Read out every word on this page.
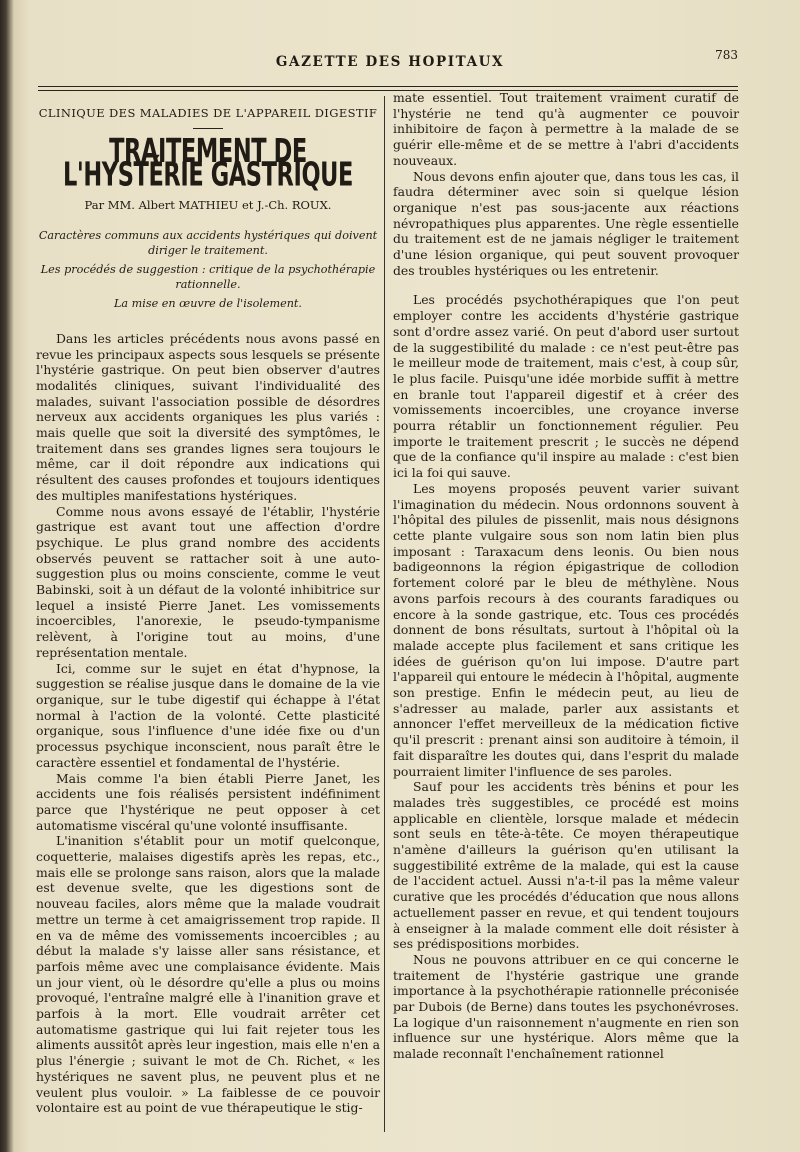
GAZETTE DES HOPITAUX	783
CLINIQUE DES MALADIES DE L'APPAREIL DIGESTIF
TRAITEMENT DE L'HYSTÉRIE GASTRIQUE
Par MM. Albert MATHIEU et J.-Ch. ROUX.
Caractères communs aux accidents hystériques qui doivent diriger le traitement.
Les procédés de suggestion : critique de la psychothérapie rationnelle.
La mise en œuvre de l'isolement.

Dans les articles précédents nous avons passé en revue les principaux aspects sous lesquels se présente l'hystérie gastrique. On peut bien observer d'autres modalités cliniques, suivant l'individualité des malades, suivant l'association possible de désordres nerveux aux accidents organiques les plus variés : mais quelle que soit la diversité des symptômes, le traitement dans ses grandes lignes sera toujours le même, car il doit répondre aux indications qui résultent des causes profondes et toujours identiques des multiples manifestations hystériques.

Comme nous avons essayé de l'établir, l'hystérie gastrique est avant tout une affection d'ordre psychique. Le plus grand nombre des accidents observés peuvent se rattacher soit à une auto-suggestion plus ou moins consciente, comme le veut Babinski, soit à un défaut de la volonté inhibitrice sur lequel a insisté Pierre Janet. Les vomissements incoercibles, l'anorexie, le pseudo-tympanisme relèvent, à l'origine tout au moins, d'une représentation mentale.

Ici, comme sur le sujet en état d'hypnose, la suggestion se réalise jusque dans le domaine de la vie organique, sur le tube digestif qui échappe à l'état normal à l'action de la volonté. Cette plasticité organique, sous l'influence d'une idée fixe ou d'un processus psychique inconscient, nous paraît être le caractère essentiel et fondamental de l'hystérie.

Mais comme l'a bien établi Pierre Janet, les accidents une fois réalisés persistent indéfiniment parce que l'hystérique ne peut opposer à cet automatisme viscéral qu'une volonté insuffisante.

L'inanition s'établit pour un motif quelconque, coquetterie, malaises digestifs après les repas, etc., mais elle se prolonge sans raison, alors que la malade est devenue svelte, que les digestions sont de nouveau faciles, alors même que la malade voudrait mettre un terme à cet amaigrissement trop rapide. Il en va de même des vomissements incoercibles ; au début la malade s'y laisse aller sans résistance, et parfois même avec une complaisance évidente. Mais un jour vient, où le désordre qu'elle a plus ou moins provoqué, l'entraîne malgré elle à l'inanition grave et parfois à la mort. Elle voudrait arrêter cet automatisme gastrique qui lui fait rejeter tous les aliments aussitôt après leur ingestion, mais elle n'en a plus l'énergie ; suivant le mot de Ch. Richet, « les hystériques ne savent plus, ne peuvent plus et ne veulent plus vouloir. » La faiblesse de ce pouvoir volontaire est au point de vue thérapeutique le stig-

mate essentiel. Tout traitement vraiment curatif de l'hystérie ne tend qu'à augmenter ce pouvoir inhibitoire de façon à permettre à la malade de se guérir elle-même et de se mettre à l'abri d'accidents nouveaux.

Nous devons enfin ajouter que, dans tous les cas, il faudra déterminer avec soin si quelque lésion organique n'est pas sous-jacente aux réactions névropathiques plus apparentes. Une règle essentielle du traitement est de ne jamais négliger le traitement d'une lésion organique, qui peut souvent provoquer des troubles hystériques ou les entretenir.

Les procédés psychothérapiques que l'on peut employer contre les accidents d'hystérie gastrique sont d'ordre assez varié. On peut d'abord user surtout de la suggestibilité du malade : ce n'est peut-être pas le meilleur mode de traitement, mais c'est, à coup sûr, le plus facile. Puisqu'une idée morbide suffit à mettre en branle tout l'appareil digestif et à créer des vomissements incoercibles, une croyance inverse pourra rétablir un fonctionnement régulier. Peu importe le traitement prescrit ; le succès ne dépend que de la confiance qu'il inspire au malade : c'est bien ici la foi qui sauve.

Les moyens proposés peuvent varier suivant l'imagination du médecin. Nous ordonnons souvent à l'hôpital des pilules de pissenlit, mais nous désignons cette plante vulgaire sous son nom latin bien plus imposant : Taraxacum dens leonis. Ou bien nous badigeonnons la région épigastrique de collodion fortement coloré par le bleu de méthylène. Nous avons parfois recours à des courants faradiques ou encore à la sonde gastrique, etc. Tous ces procédés donnent de bons résultats, surtout à l'hôpital où la malade accepte plus facilement et sans critique les idées de guérison qu'on lui impose. D'autre part l'appareil qui entoure le médecin à l'hôpital, augmente son prestige. Enfin le médecin peut, au lieu de s'adresser au malade, parler aux assistants et annoncer l'effet merveilleux de la médication fictive qu'il prescrit : prenant ainsi son auditoire à témoin, il fait disparaître les doutes qui, dans l'esprit du malade pourraient limiter l'influence de ses paroles.

Sauf pour les accidents très bénins et pour les malades très suggestibles, ce procédé est moins applicable en clientèle, lorsque malade et médecin sont seuls en tête-à-tête. Ce moyen thérapeutique n'amène d'ailleurs la guérison qu'en utilisant la suggestibilité extrême de la malade, qui est la cause de l'accident actuel. Aussi n'a-t-il pas la même valeur curative que les procédés d'éducation que nous allons actuellement passer en revue, et qui tendent toujours à enseigner à la malade comment elle doit résister à ses prédispositions morbides.

Nous ne pouvons attribuer en ce qui concerne le traitement de l'hystérie gastrique une grande importance à la psychothérapie rationnelle préconisée par Dubois (de Berne) dans toutes les psychonévroses. La logique d'un raisonnement n'augmente en rien son influence sur une hystérique. Alors même que la malade reconnaît l'enchaînement rationnel
